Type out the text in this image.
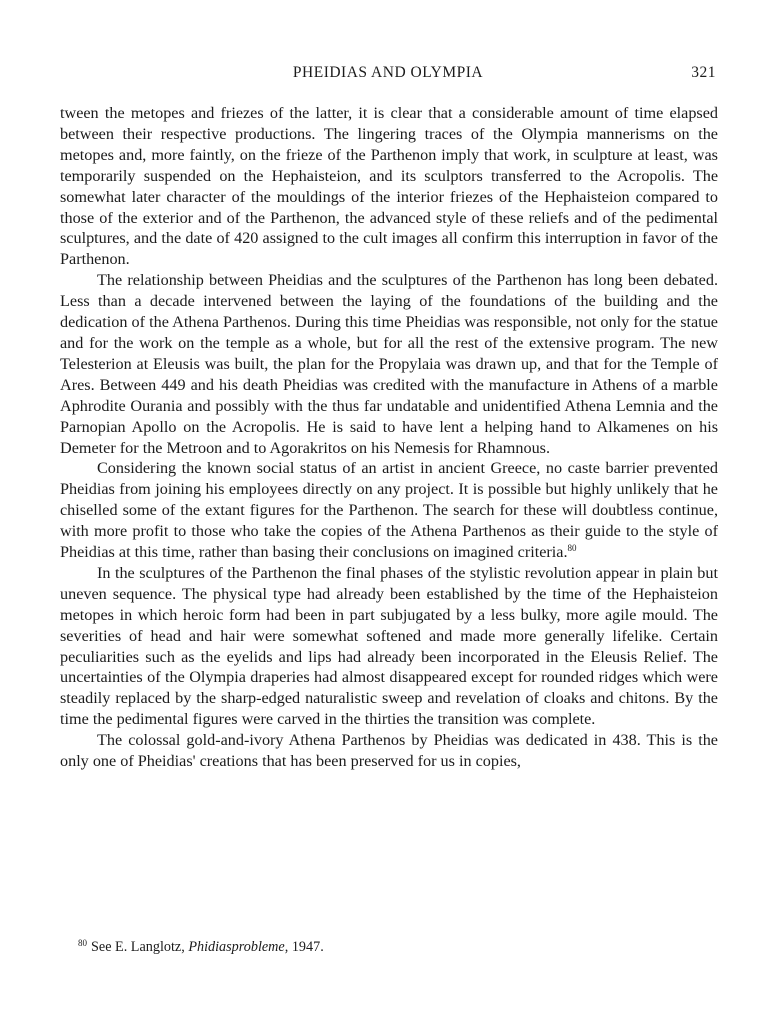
PHEIDIAS AND OLYMPIA	321

tween the metopes and friezes of the latter, it is clear that a considerable amount of time elapsed between their respective productions. The lingering traces of the Olympia mannerisms on the metopes and, more faintly, on the frieze of the Parthenon imply that work, in sculpture at least, was temporarily suspended on the Hephaisteion, and its sculptors transferred to the Acropolis. The somewhat later character of the mouldings of the interior friezes of the Hephaisteion compared to those of the exterior and of the Parthenon, the advanced style of these reliefs and of the pedimental sculptures, and the date of 420 assigned to the cult images all confirm this interruption in favor of the Parthenon.

The relationship between Pheidias and the sculptures of the Parthenon has long been debated. Less than a decade intervened between the laying of the foundations of the building and the dedication of the Athena Parthenos. During this time Pheidias was responsible, not only for the statue and for the work on the temple as a whole, but for all the rest of the extensive program. The new Telesterion at Eleusis was built, the plan for the Propylaia was drawn up, and that for the Temple of Ares. Between 449 and his death Pheidias was credited with the manufacture in Athens of a marble Aphrodite Ourania and possibly with the thus far undatable and unidentified Athena Lemnia and the Parnopian Apollo on the Acropolis. He is said to have lent a helping hand to Alkamenes on his Demeter for the Metroon and to Agorakritos on his Nemesis for Rhamnous.

Considering the known social status of an artist in ancient Greece, no caste barrier prevented Pheidias from joining his employees directly on any project. It is possible but highly unlikely that he chiselled some of the extant figures for the Parthenon. The search for these will doubtless continue, with more profit to those who take the copies of the Athena Parthenos as their guide to the style of Pheidias at this time, rather than basing their conclusions on imagined criteria.$^{80}$

In the sculptures of the Parthenon the final phases of the stylistic revolution appear in plain but uneven sequence. The physical type had already been established by the time of the Hephaisteion metopes in which heroic form had been in part subjugated by a less bulky, more agile mould. The severities of head and hair were somewhat softened and made more generally lifelike. Certain peculiarities such as the eyelids and lips had already been incorporated in the Eleusis Relief. The uncertainties of the Olympia draperies had almost disappeared except for rounded ridges which were steadily replaced by the sharp-edged naturalistic sweep and revelation of cloaks and chitons. By the time the pedimental figures were carved in the thirties the transition was complete.

The colossal gold-and-ivory Athena Parthenos by Pheidias was dedicated in 438. This is the only one of Pheidias' creations that has been preserved for us in copies,

$^{80}$ See E. Langlotz, Phidiasprobleme, 1947.
